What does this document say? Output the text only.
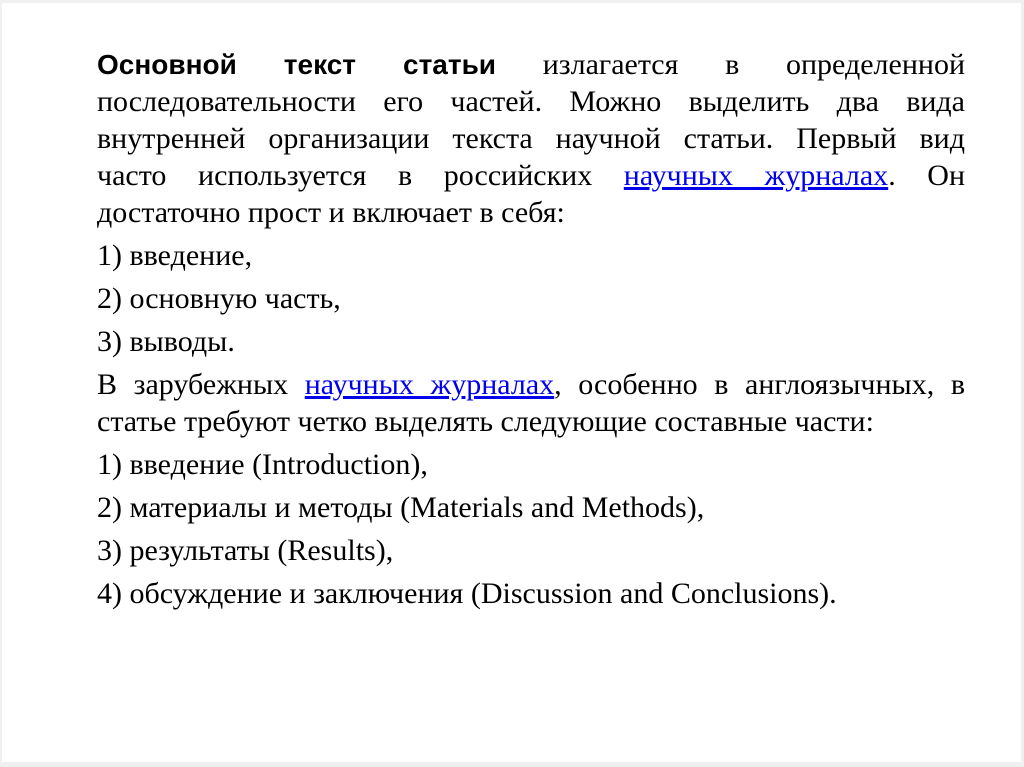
Основной текст статьи излагается в определенной
последовательности его частей. Можно выделить два вида
внутренней организации текста научной статьи. Первый вид
часто используется в российских научных журналах. Он
достаточно прост и включает в себя:
1) введение,
2) основную часть,
3) выводы.
В зарубежных научных журналах, особенно в англоязычных, в
статье требуют четко выделять следующие составные части:
1) введение (Introduction),
2) материалы и методы (Materials and Methods),
3) результаты (Results),
4) обсуждение и заключения (Discussion and Conclusions).
